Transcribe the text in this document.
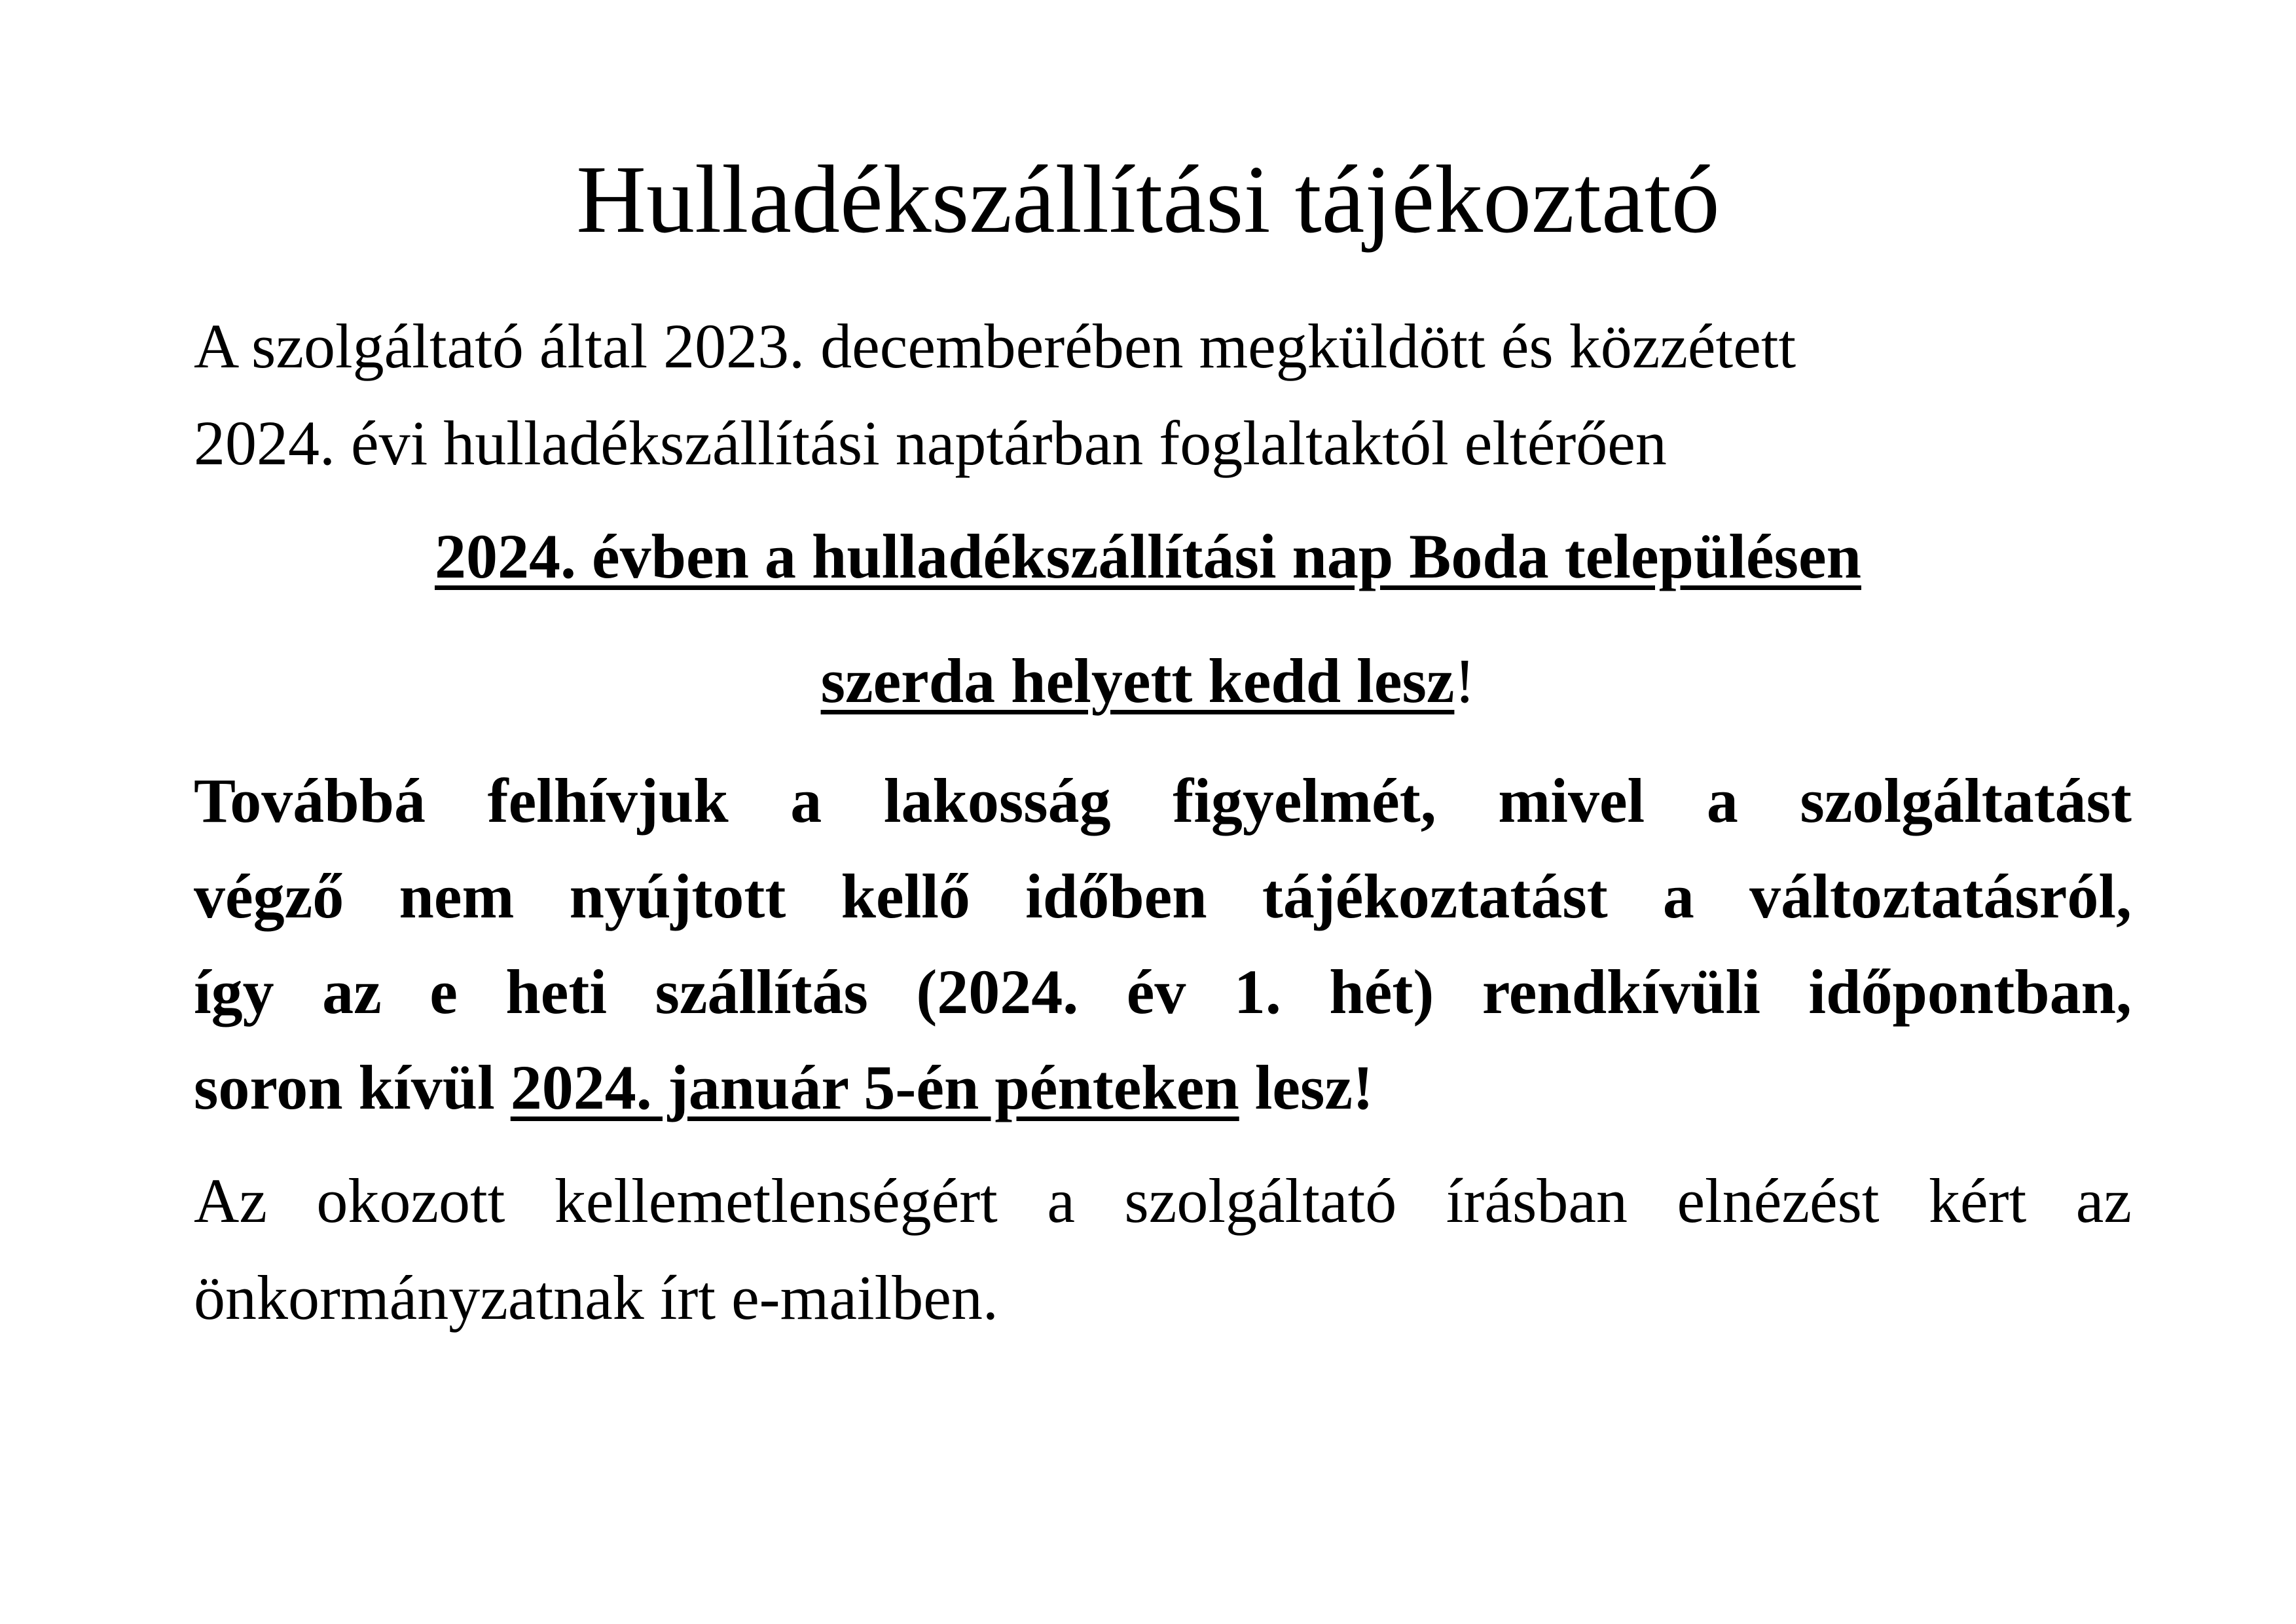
Hulladékszállítási tájékoztató

A szolgáltató által 2023. decemberében megküldött és közzétett
2024. évi hulladékszállítási naptárban foglaltaktól eltérően

2024. évben a hulladékszállítási nap Boda településen

szerda helyett kedd lesz!

Továbbá felhívjuk a lakosság figyelmét, mivel a szolgáltatást
végző nem nyújtott kellő időben tájékoztatást a változtatásról,
így az e heti szállítás (2024. év 1. hét) rendkívüli időpontban,
soron kívül 2024. január 5-én pénteken lesz!

Az okozott kellemetlenségért a szolgáltató írásban elnézést kért az
önkormányzatnak írt e-mailben.
